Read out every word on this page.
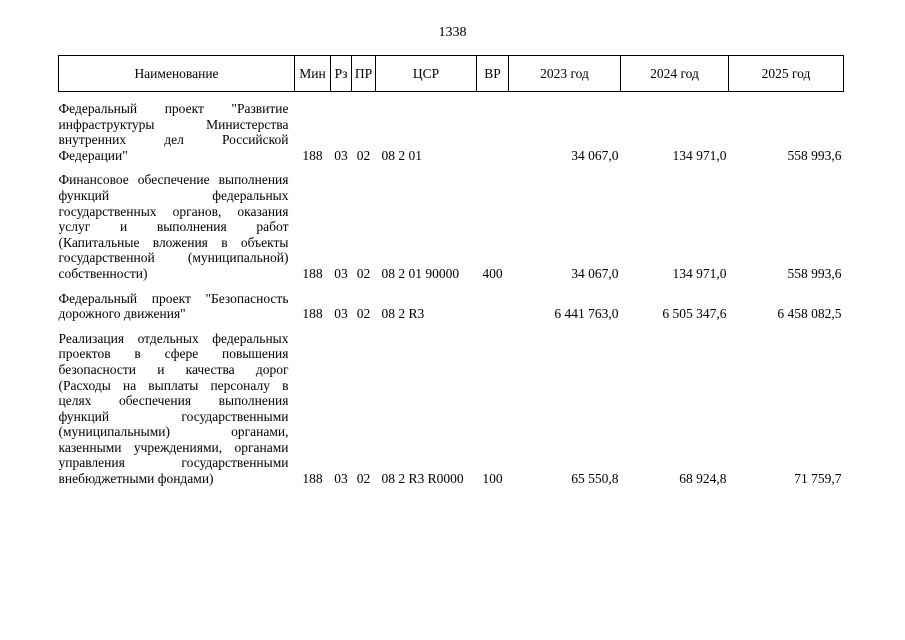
1338
Наименование	Мин	Рз	ПР	ЦСР	ВР	2023 год	2024 год	2025 год

Федеральный проект "Развитие инфраструктуры Министерства внутренних дел Российской Федерации"	188	03	02	08 2 01		34 067,0	134 971,0	558 993,6

Финансовое обеспечение выполнения функций федеральных государственных органов, оказания услуг и выполнения работ (Капитальные вложения в объекты государственной (муниципальной) собственности)	188	03	02	08 2 01 90000	400	34 067,0	134 971,0	558 993,6

Федеральный проект "Безопасность дорожного движения"	188	03	02	08 2 R3		6 441 763,0	6 505 347,6	6 458 082,5

Реализация отдельных федеральных проектов в сфере повышения безопасности и качества дорог (Расходы на выплаты персоналу в целях обеспечения выполнения функций государственными (муниципальными) органами, казенными учреждениями, органами управления государственными внебюджетными фондами)	188	03	02	08 2 R3 R0000	100	65 550,8	68 924,8	71 759,7
